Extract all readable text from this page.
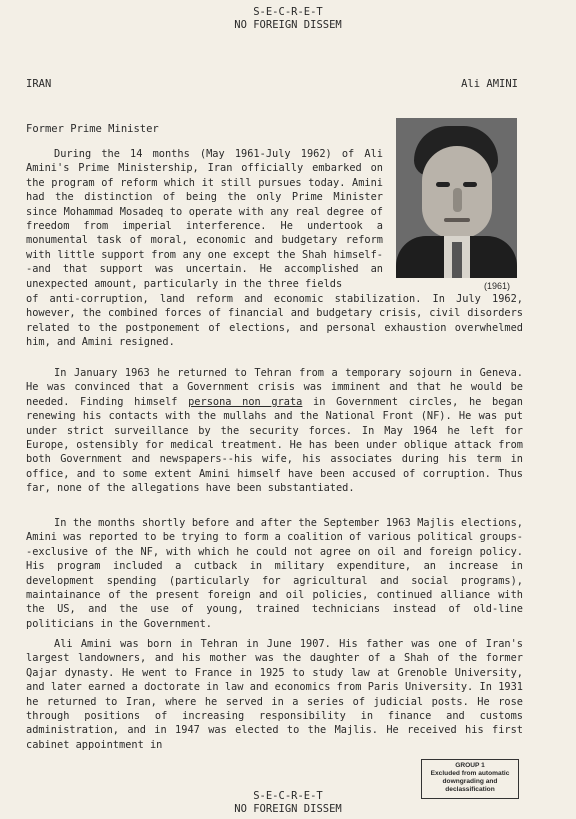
S-E-C-R-E-T
NO FOREIGN DISSEM
IRAN	Ali AMINI
Former Prime Minister
(1961)

During the 14 months (May 1961-July 1962) of Ali Amini's Prime Ministership, Iran officially embarked on the program of reform which it still pursues today. Amini had the distinction of being the only Prime Minister since Mohammad Mosadeq to operate with any real degree of freedom from imperial interference. He undertook a monumental task of moral, economic and budgetary reform with little support from any one except the Shah himself--and that support was uncertain. He accomplished an unexpected amount, particularly in the three fields

of anti-corruption, land reform and economic stabilization. In July 1962, however, the combined forces of financial and budgetary crisis, civil disorders related to the postponement of elections, and personal exhaustion overwhelmed him, and Amini resigned.

In January 1963 he returned to Tehran from a temporary sojourn in Geneva. He was convinced that a Government crisis was imminent and that he would be needed. Finding himself persona non grata in Government circles, he began renewing his contacts with the mullahs and the National Front (NF). He was put under strict surveillance by the security forces. In May 1964 he left for Europe, ostensibly for medical treatment. He has been under oblique attack from both Government and newspapers--his wife, his associates during his term in office, and to some extent Amini himself have been accused of corruption. Thus far, none of the allegations have been substantiated.

In the months shortly before and after the September 1963 Majlis elections, Amini was reported to be trying to form a coalition of various political groups--exclusive of the NF, with which he could not agree on oil and foreign policy. His program included a cutback in military expenditure, an increase in development spending (particularly for agricultural and social programs), maintainance of the present foreign and oil policies, continued alliance with the US, and the use of young, trained technicians instead of old-line politicians in the Government.

Ali Amini was born in Tehran in June 1907. His father was one of Iran's largest landowners, and his mother was the daughter of a Shah of the former Qajar dynasty. He went to France in 1925 to study law at Grenoble University, and later earned a doctorate in law and economics from Paris University. In 1931 he returned to Iran, where he served in a series of judicial posts. He rose through positions of increasing responsibility in finance and customs administration, and in 1947 was elected to the Majlis. He received his first cabinet appointment in

GROUP 1
Excluded from automatic
downgrading and
declassification
S-E-C-R-E-T
NO FOREIGN DISSEM
